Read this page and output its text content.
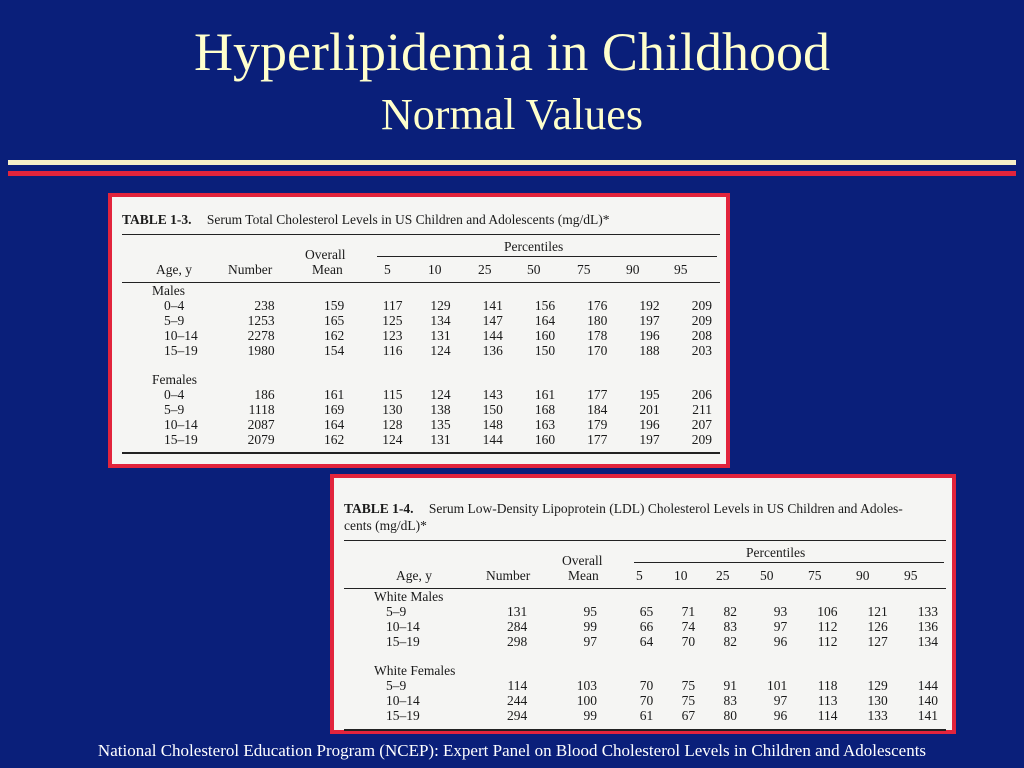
Hyperlipidemia in Childhood
Normal Values
TABLE 1-3. Serum Total Cholesterol Levels in US Children and Adolescents (mg/dL)*
Percentiles
Overall
Mean
Age, y	Number	5	10	25	50	75	90	95
Males									
0–4	238	159	117	129	141	156	176	192	209
5–9	1253	165	125	134	147	164	180	197	209
10–14	2278	162	123	131	144	160	178	196	208
15–19	1980	154	116	124	136	150	170	188	203

Females									
0–4	186	161	115	124	143	161	177	195	206
5–9	1118	169	130	138	150	168	184	201	211
10–14	2087	164	128	135	148	163	179	196	207
15–19	2079	162	124	131	144	160	177	197	209
TABLE 1-4. Serum Low-Density Lipoprotein (LDL) Cholesterol Levels in US Children and Adoles-
cents (mg/dL)*
Percentiles
Overall
Mean
Age, y	Number	5 10 25 50	75	90	95
White Males									
5–9	131	95	65	71	82	93	106	121	133
10–14	284	99	66	74	83	97	112	126	136
15–19	298	97	64	70	82	96	112	127	134

White Females									
5–9	114	103	70	75	91	101	118	129	144
10–14	244	100	70	75	83	97	113	130	140
15–19	294	99	61	67	80	96	114	133	141
National Cholesterol Education Program (NCEP): Expert Panel on Blood Cholesterol Levels in Children and Adolescents
